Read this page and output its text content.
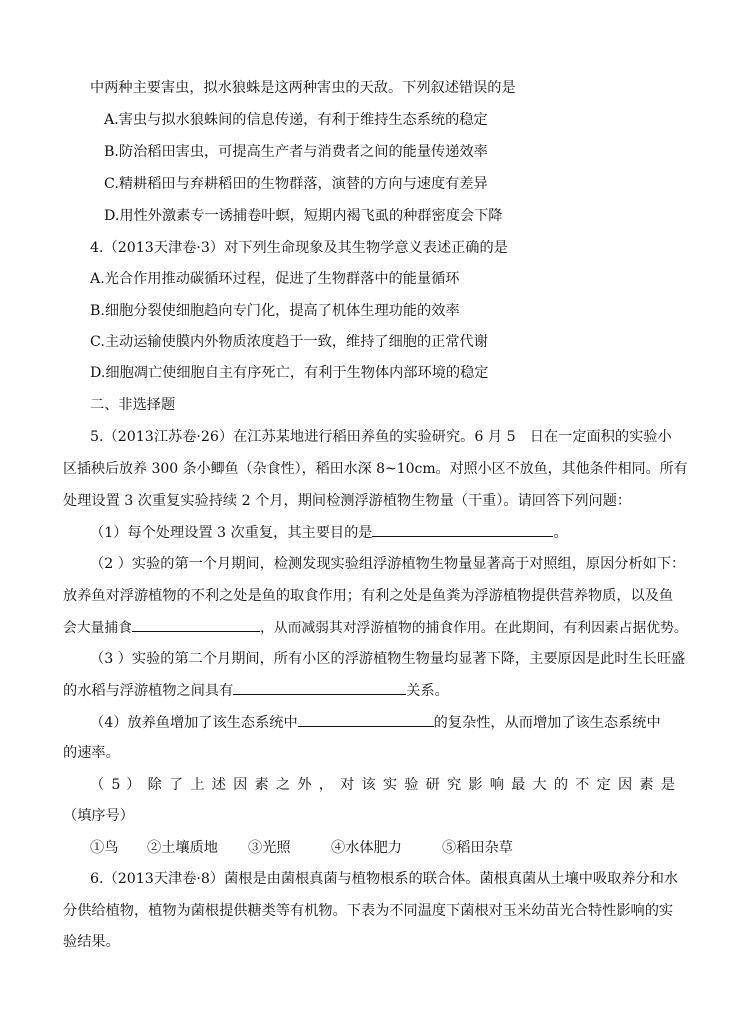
中两种主要害虫，拟水狼蛛是这两种害虫的天敌。下列叙述错误的是
A.害虫与拟水狼蛛间的信息传递，有利于维持生态系统的稳定
B.防治稻田害虫，可提高生产者与消费者之间的能量传递效率
C.精耕稻田与弃耕稻田的生物群落，演替的方向与速度有差异
D.用性外激素专一诱捕卷叶螟，短期内褐飞虱的种群密度会下降
4.（2013天津卷·3）对下列生命现象及其生物学意义表述正确的是
A.光合作用推动碳循环过程，促进了生物群落中的能量循环
B.细胞分裂使细胞趋向专门化，提高了机体生理功能的效率
C.主动运输使膜内外物质浓度趋于一致，维持了细胞的正常代谢
D.细胞凋亡使细胞自主有序死亡，有利于生物体内部环境的稳定
二、非选择题
5.（2013江苏卷·26）在江苏某地进行稻田养鱼的实验研究。6 月 5　日在一定面积的实验小
区插秧后放养 300 条小鲫鱼（杂食性），稻田水深 8~10cm。对照小区不放鱼，其他条件相同。所有
处理设置 3 次重复实验持续 2 个月，期间检测浮游植物生物量（干重）。请回答下列问题：
（1）每个处理设置 3 次重复，其主要目的是	。
（2 ）实验的第一个月期间，检测发现实验组浮游植物生物量显著高于对照组，原因分析如下：
放养鱼对浮游植物的不利之处是鱼的取食作用；有利之处是鱼粪为浮游植物提供营养物质，以及鱼
会大量捕食	，从而减弱其对浮游植物的捕食作用。在此期间，有利因素占据优势。
（3 ）实验的第二个月期间，所有小区的浮游植物生物量均显著下降，主要原因是此时生长旺盛
的水稻与浮游植物之间具有	关系。
（4）放养鱼增加了该生态系统中	的复杂性，从而增加了该生态系统中
的速率。
（ 5 ） 除 了 上 述 因 素 之 外 ， 对 该 实 验 研 究 影 响 最 大 的 不 定 因 素 是
（填序号）
①鸟 ②土壤质地 ③光照	④水体肥力	⑤稻田杂草
6.（2013天津卷·8）菌根是由菌根真菌与植物根系的联合体。菌根真菌从土壤中吸取养分和水
分供给植物，植物为菌根提供糖类等有机物。下表为不同温度下菌根对玉米幼苗光合特性影响的实
验结果。
